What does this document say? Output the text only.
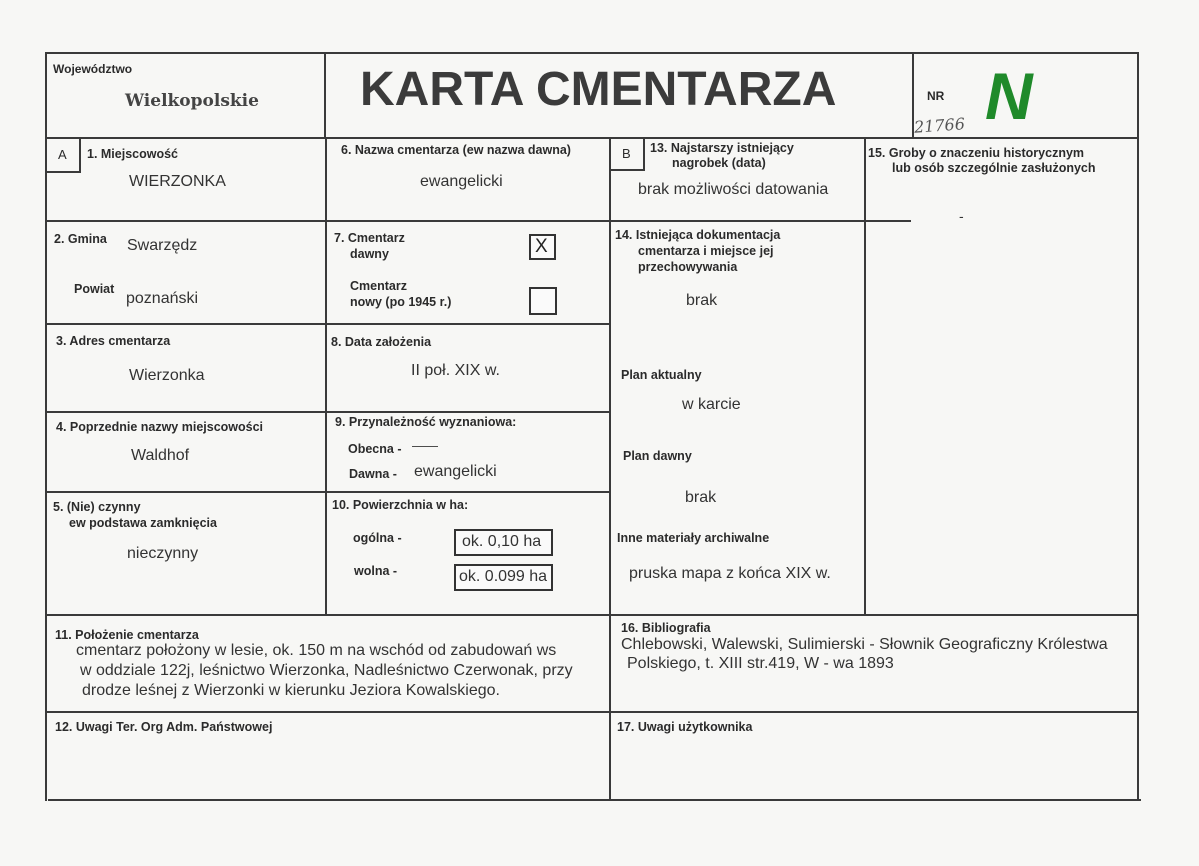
Województwo
Wielkopolskie KARTA CMENTARZA	NR N
21766
A 1. Miejscowość
WIERZONKA
2. Gmina Swarzędz
Powiat
poznański
3. Adres cmentarza
Wierzonka
4. Poprzednie nazwy miejscowości
Waldhof
5. (Nie) czynny
ew podstawa zamknięcia
nieczynny
6. Nazwa cmentarza (ew nazwa dawna)
ewangelicki
7. Cmentarz
dawny	X
Cmentarz
nowy (po 1945 r.)
8. Data założenia
II poł. XIX w.
9. Przynależność wyznaniowa:
Obecna - ——
Dawna - ewangelicki
10. Powierzchnia w ha:
ogólna -	ok. 0,10 ha
wolna -	ok. 0.099 ha
B 13. Najstarszy istniejący
nagrobek (data)
brak możliwości datowania
14. Istniejąca dokumentacja
cmentarza i miejsce jej
przechowywania
brak
Plan aktualny
w karcie
Plan dawny
brak
Inne materiały archiwalne
pruska mapa z końca XIX w.
15. Groby o znaczeniu historycznym
lub osób szczególnie zasłużonych
-
11. Położenie cmentarza
cmentarz położony w lesie, ok. 150 m na wschód od zabudowań ws
w oddziale 122j, leśnictwo Wierzonka, Nadleśnictwo Czerwonak, przy
drodze leśnej z Wierzonki w kierunku Jeziora Kowalskiego.
16. Bibliografia
Chlebowski, Walewski, Sulimierski - Słownik Geograficzny Królestwa
Polskiego, t. XIII str.419, W - wa 1893
12. Uwagi Ter. Org Adm. Państwowej	17. Uwagi użytkownika
